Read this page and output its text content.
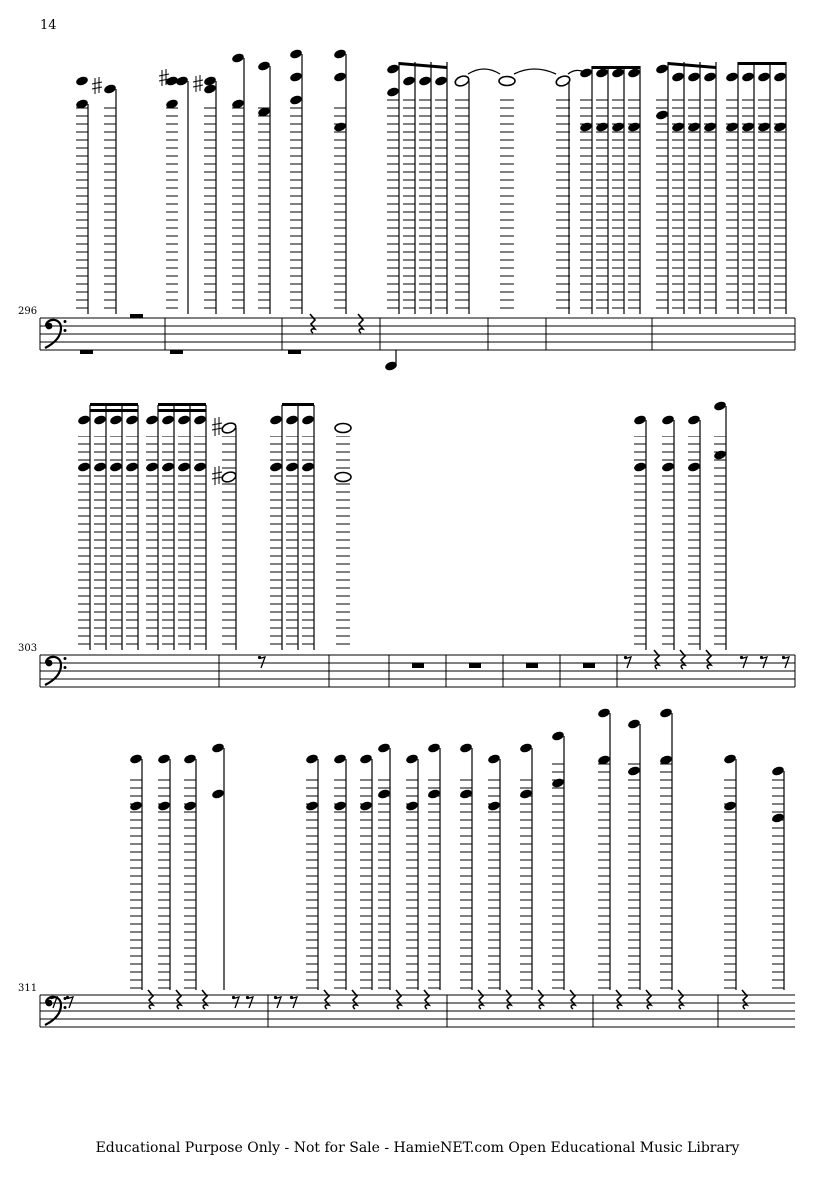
14
296
303
311
Educational Purpose Only - Not for Sale - HamieNET.com Open Educational Music Library
